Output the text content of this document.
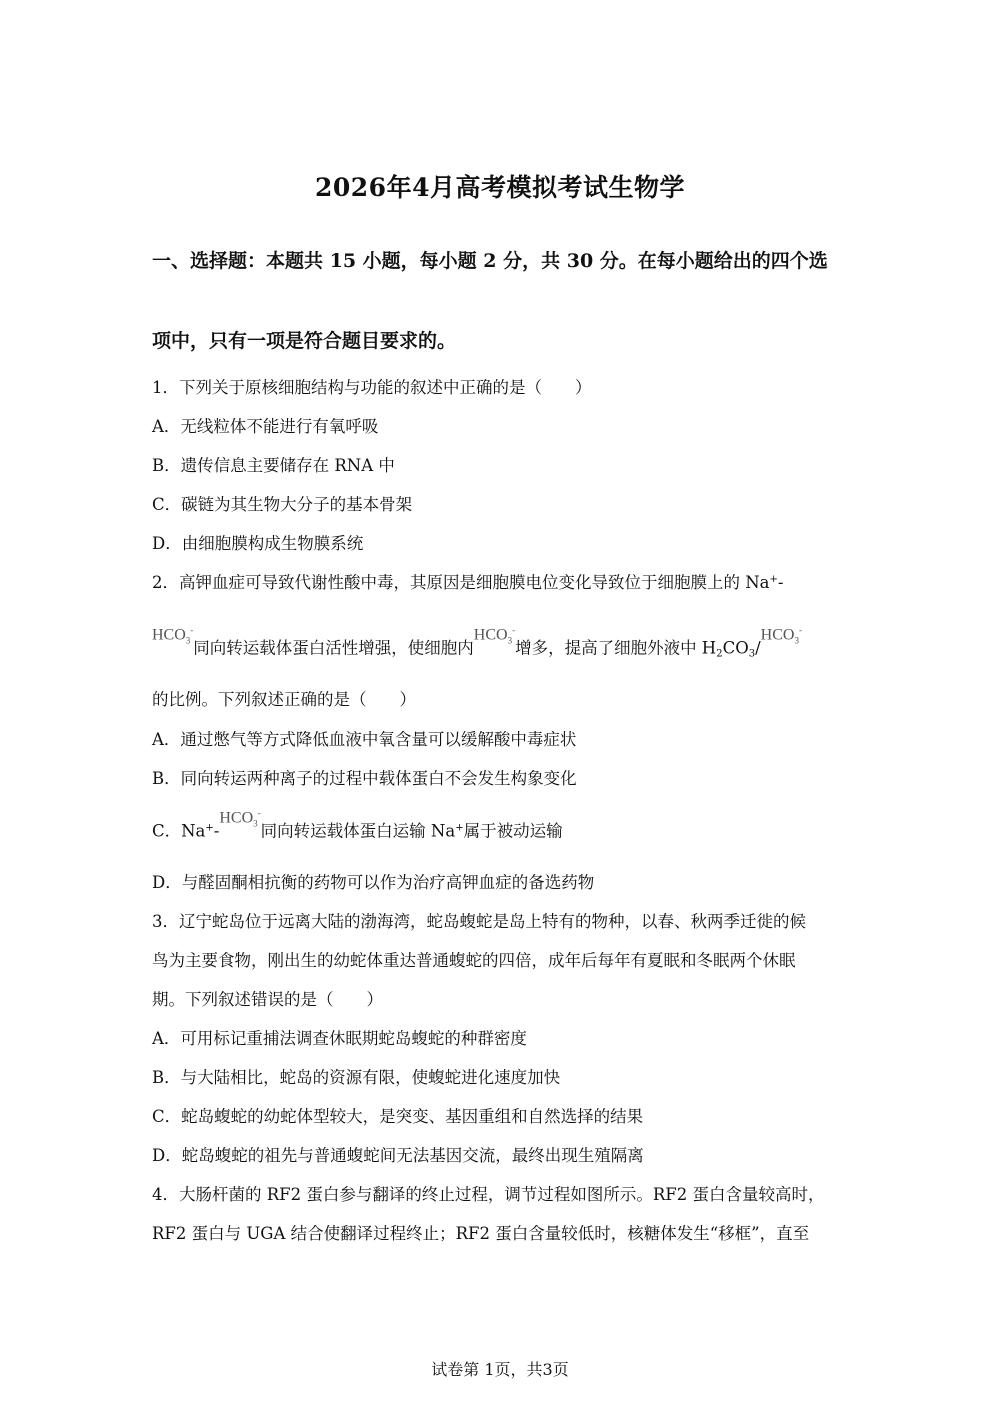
2026年4月高考模拟考试生物学
一、选择题：本题共 15 小题，每小题 2 分，共 30 分。在每小题给出的四个选
项中，只有一项是符合题目要求的。
1．下列关于原核细胞结构与功能的叙述中正确的是（　　）
A．无线粒体不能进行有氧呼吸
B．遗传信息主要储存在 RNA 中
C．碳链为其生物大分子的基本骨架
D．由细胞膜构成生物膜系统
2．高钾血症可导致代谢性酸中毒，其原因是细胞膜电位变化导致位于细胞膜上的 Na+-
$HCO_3^-$同向转运载体蛋白活性增强，使细胞内$HCO_3^-$增多，提高了细胞外液中 $H_2CO_3/HCO_3^-$
的比例。下列叙述正确的是（　　）
A．通过憋气等方式降低血液中氧含量可以缓解酸中毒症状
B．同向转运两种离子的过程中载体蛋白不会发生构象变化
C．$Na^+-HCO_3^-$同向转运载体蛋白运输 Na+属于被动运输
D．与醛固酮相抗衡的药物可以作为治疗高钾血症的备选药物
3．辽宁蛇岛位于远离大陆的渤海湾，蛇岛蝮蛇是岛上特有的物种，以春、秋两季迁徙的候
鸟为主要食物，刚出生的幼蛇体重达普通蝮蛇的四倍，成年后每年有夏眠和冬眠两个休眠
期。下列叙述错误的是（　　）
A．可用标记重捕法调查休眠期蛇岛蝮蛇的种群密度
B．与大陆相比，蛇岛的资源有限，使蝮蛇进化速度加快
C．蛇岛蝮蛇的幼蛇体型较大，是突变、基因重组和自然选择的结果
D．蛇岛蝮蛇的祖先与普通蝮蛇间无法基因交流，最终出现生殖隔离
4．大肠杆菌的 RF2 蛋白参与翻译的终止过程，调节过程如图所示。RF2 蛋白含量较高时，
RF2 蛋白与 UGA 结合使翻译过程终止；RF2 蛋白含量较低时，核糖体发生“移框”，直至
试卷第 1页，共3页
